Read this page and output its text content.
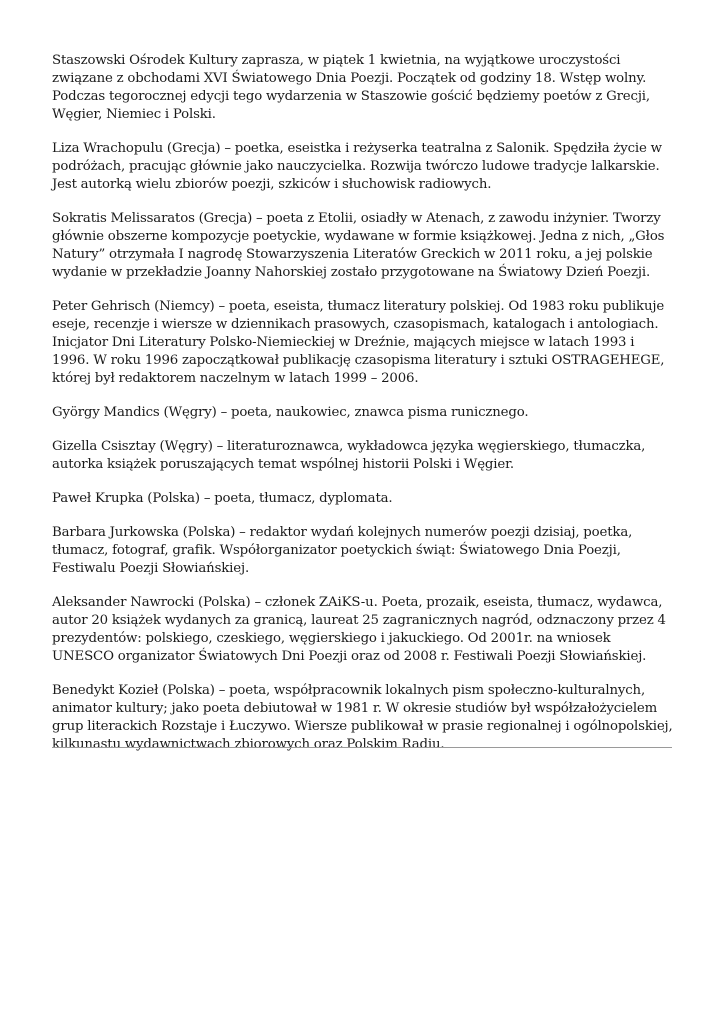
Staszowski Ośrodek Kultury zaprasza, w piątek 1 kwietnia, na wyjątkowe uroczystości związane z obchodami XVI Światowego Dnia Poezji. Początek od godziny 18. Wstęp wolny. Podczas tegorocznej edycji tego wydarzenia w Staszowie gościć będziemy poetów z Grecji, Węgier, Niemiec i Polski.

Liza Wrachopulu (Grecja) – poetka, eseistka i reżyserka teatralna z Salonik. Spędziła życie w podróżach, pracując głównie jako nauczycielka. Rozwija twórczo ludowe tradycje lalkarskie. Jest autorką wielu zbiorów poezji, szkiców i słuchowisk radiowych.

Sokratis Melissaratos (Grecja) – poeta z Etolii, osiadły w Atenach, z zawodu inżynier. Tworzy głównie obszerne kompozycje poetyckie, wydawane w formie książkowej. Jedna z nich, „Głos Natury” otrzymała I nagrodę Stowarzyszenia Literatów Greckich w 2011 roku, a jej polskie wydanie w przekładzie Joanny Nahorskiej zostało przygotowane na Światowy Dzień Poezji.

Peter Gehrisch (Niemcy) – poeta, eseista, tłumacz literatury polskiej. Od 1983 roku publikuje eseje, recenzje i wiersze w dziennikach prasowych, czasopismach, katalogach i antologiach. Inicjator Dni Literatury Polsko-Niemieckiej w Dreźnie, mających miejsce w latach 1993 i 1996. W roku 1996 zapoczątkował publikację czasopisma literatury i sztuki OSTRAGEHEGE, której był redaktorem naczelnym w latach 1999 – 2006.

György Mandics (Węgry) – poeta, naukowiec, znawca pisma runicznego.

Gizella Csisztay (Węgry) – literaturoznawca, wykładowca języka węgierskiego, tłumaczka, autorka książek poruszających temat wspólnej historii Polski i Węgier.

Paweł Krupka (Polska) – poeta, tłumacz, dyplomata.

Barbara Jurkowska (Polska) – redaktor wydań kolejnych numerów poezji dzisiaj, poetka, tłumacz, fotograf, grafik. Współorganizator poetyckich świąt: Światowego Dnia Poezji, Festiwalu Poezji Słowiańskiej.

Aleksander Nawrocki (Polska) – członek ZAiKS-u. Poeta, prozaik, eseista, tłumacz, wydawca, autor 20 książek wydanych za granicą, laureat 25 zagranicznych nagród, odznaczony przez 4 prezydentów: polskiego, czeskiego, węgierskiego i jakuckiego. Od 2001r. na wniosek UNESCO organizator Światowych Dni Poezji oraz od 2008 r. Festiwali Poezji Słowiańskiej.

Benedykt Kozieł (Polska) – poeta, współpracownik lokalnych pism społeczno-kulturalnych, animator kultury; jako poeta debiutował w 1981 r. W okresie studiów był współzałożycielem grup literackich Rozstaje i Łuczywo. Wiersze publikował w prasie regionalnej i ogólnopolskiej, kilkunastu wydawnictwach zbiorowych oraz Polskim Radiu.
